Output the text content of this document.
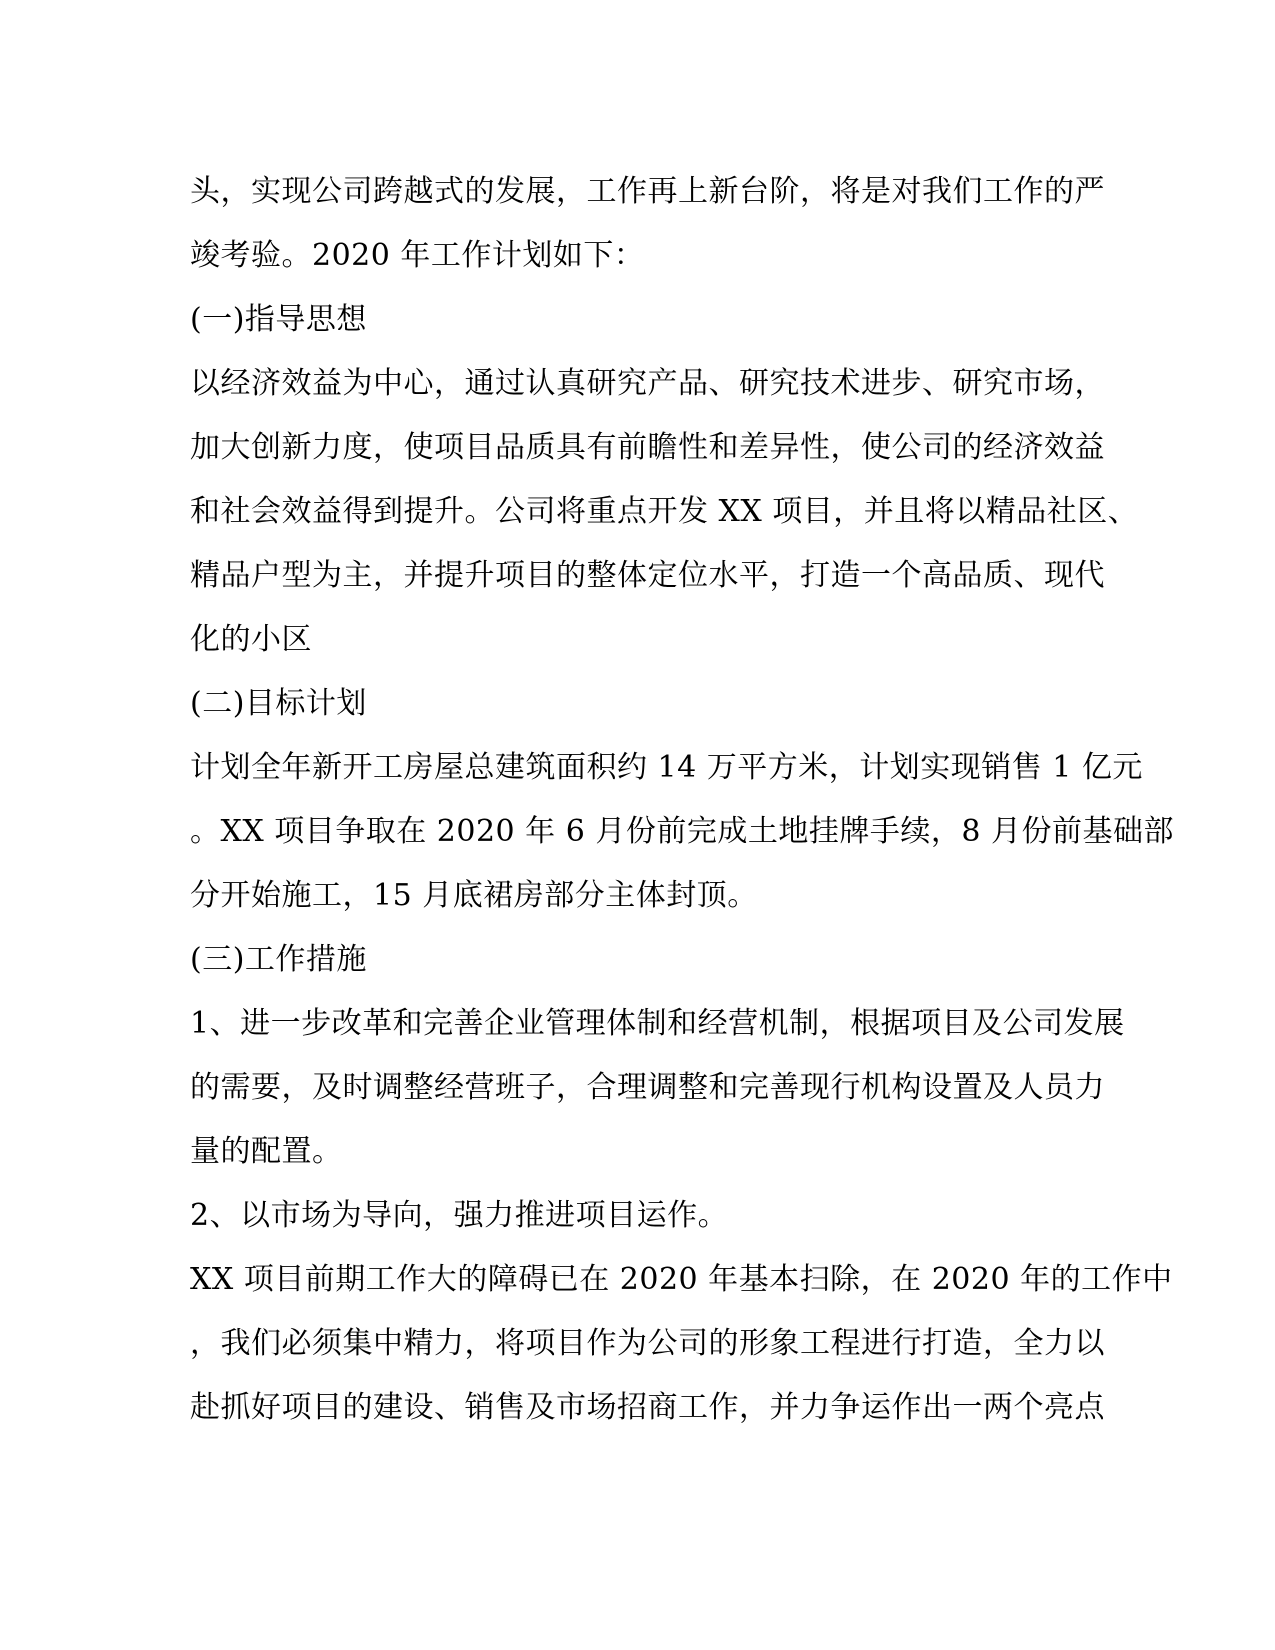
头，实现公司跨越式的发展，工作再上新台阶，将是对我们工作的严
竣考验。2020 年工作计划如下：
(一)指导思想
以经济效益为中心，通过认真研究产品、研究技术进步、研究市场，
加大创新力度，使项目品质具有前瞻性和差异性，使公司的经济效益
和社会效益得到提升。公司将重点开发 XX 项目，并且将以精品社区、
精品户型为主，并提升项目的整体定位水平，打造一个高品质、现代
化的小区
(二)目标计划
计划全年新开工房屋总建筑面积约 14 万平方米，计划实现销售 1 亿元
。XX 项目争取在 2020 年 6 月份前完成土地挂牌手续，8 月份前基础部
分开始施工，15 月底裙房部分主体封顶。
(三)工作措施
1、进一步改革和完善企业管理体制和经营机制，根据项目及公司发展
的需要，及时调整经营班子，合理调整和完善现行机构设置及人员力
量的配置。
2、以市场为导向，强力推进项目运作。
XX 项目前期工作大的障碍已在 2020 年基本扫除，在 2020 年的工作中
，我们必须集中精力，将项目作为公司的形象工程进行打造，全力以
赴抓好项目的建设、销售及市场招商工作，并力争运作出一两个亮点
